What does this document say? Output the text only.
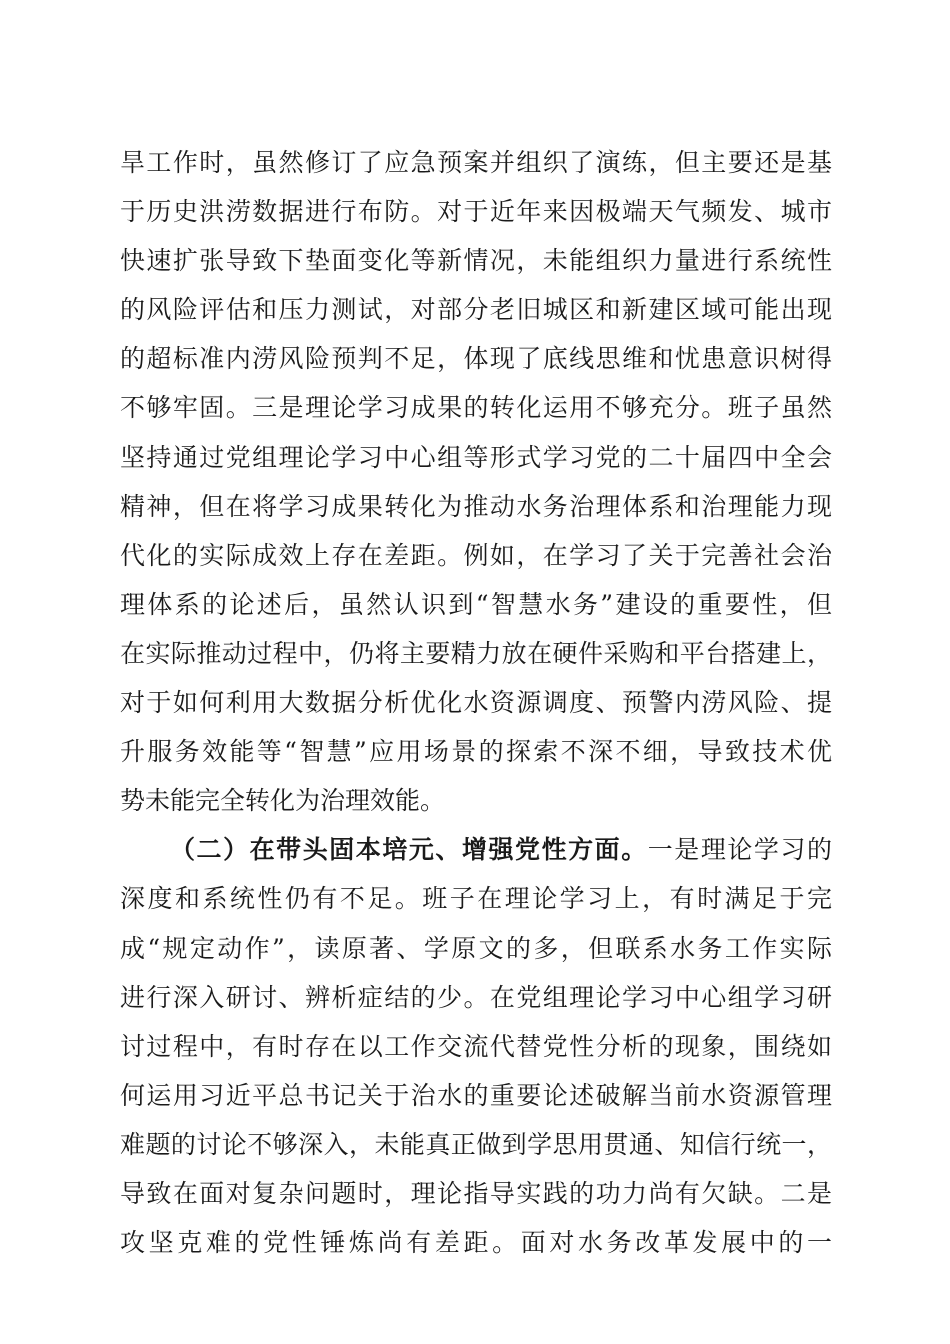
旱工作时，虽然修订了应急预案并组织了演练，但主要还是基
于历史洪涝数据进行布防。对于近年来因极端天气频发、城市
快速扩张导致下垫面变化等新情况，未能组织力量进行系统性
的风险评估和压力测试，对部分老旧城区和新建区域可能出现
的超标准内涝风险预判不足，体现了底线思维和忧患意识树得
不够牢固。三是理论学习成果的转化运用不够充分。班子虽然
坚持通过党组理论学习中心组等形式学习党的二十届四中全会
精神，但在将学习成果转化为推动水务治理体系和治理能力现
代化的实际成效上存在差距。例如，在学习了关于完善社会治
理体系的论述后，虽然认识到“智慧水务”建设的重要性，但
在实际推动过程中，仍将主要精力放在硬件采购和平台搭建上，
对于如何利用大数据分析优化水资源调度、预警内涝风险、提
升服务效能等“智慧”应用场景的探索不深不细，导致技术优
势未能完全转化为治理效能。
（二）在带头固本培元、增强党性方面。一是理论学习的
深度和系统性仍有不足。班子在理论学习上，有时满足于完
成“规定动作”，读原著、学原文的多，但联系水务工作实际
进行深入研讨、辨析症结的少。在党组理论学习中心组学习研
讨过程中，有时存在以工作交流代替党性分析的现象，围绕如
何运用习近平总书记关于治水的重要论述破解当前水资源管理
难题的讨论不够深入，未能真正做到学思用贯通、知信行统一，
导致在面对复杂问题时，理论指导实践的功力尚有欠缺。二是
攻坚克难的党性锤炼尚有差距。面对水务改革发展中的一
